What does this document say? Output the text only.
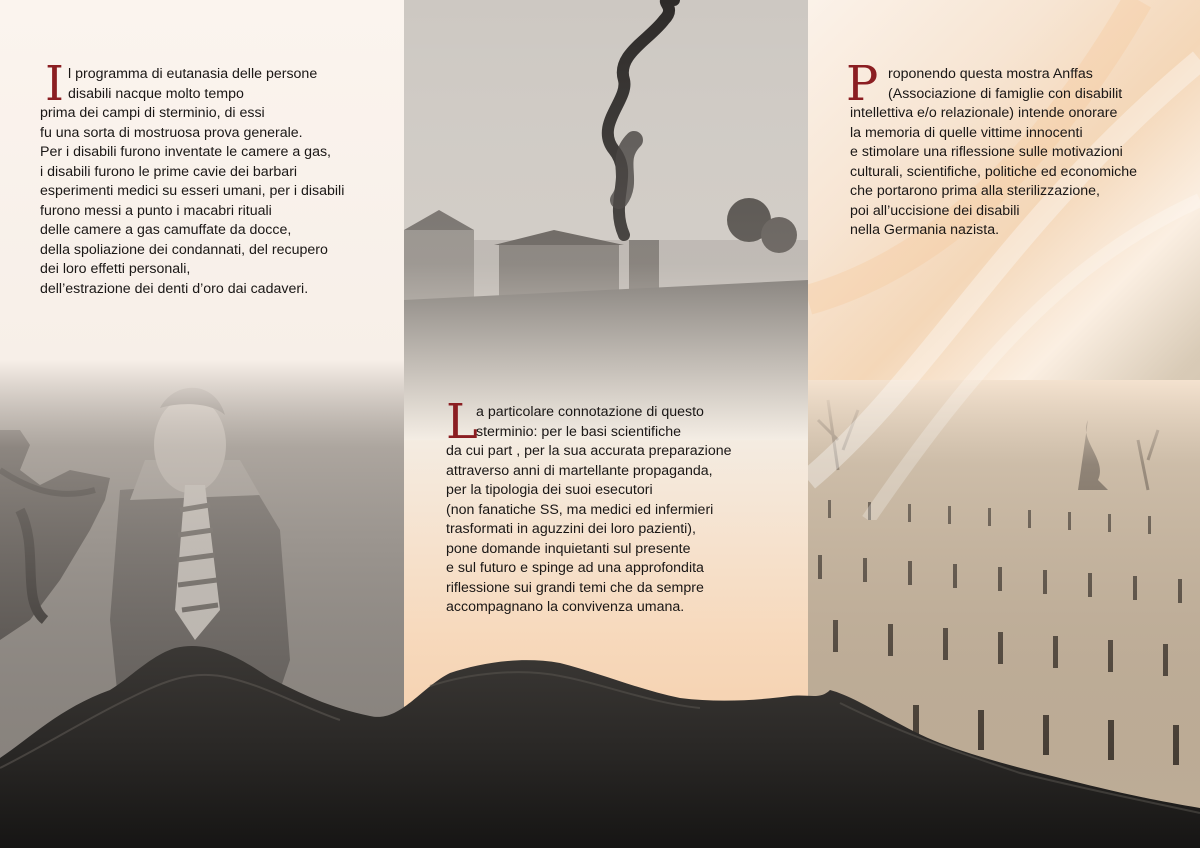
I l programma di eutanasia delle persone
disabili nacque molto tempo
prima dei campi di sterminio, di essi
fu una sorta di mostruosa prova generale.
Per i disabili furono inventate le camere a gas,
i disabili furono le prime cavie dei barbari
esperimenti medici su esseri umani, per i disabili
furono messi a punto i macabri rituali
delle camere a gas camuffate da docce,
della spoliazione dei condannati, del recupero
dei loro effetti personali,
dell’estrazione dei denti d’oro dai cadaveri.
L
a particolare connotazione di questo
sterminio: per le basi scientifiche
da cui part , per la sua accurata preparazione
attraverso anni di martellante propaganda,
per la tipologia dei suoi esecutori
(non fanatiche SS, ma medici ed infermieri
trasformati in aguzzini dei loro pazienti),
pone domande inquietanti sul presente
e sul futuro e spinge ad una approfondita
riflessione sui grandi temi che da sempre
accompagnano la convivenza umana.
P roponendo questa mostra Anffas
(Associazione di famiglie con disabilit
intellettiva e/o relazionale) intende onorare
la memoria di quelle vittime innocenti
e stimolare una riflessione sulle motivazioni
culturali, scientifiche, politiche ed economiche
che portarono prima alla sterilizzazione,
poi all’uccisione dei disabili
nella Germania nazista.
